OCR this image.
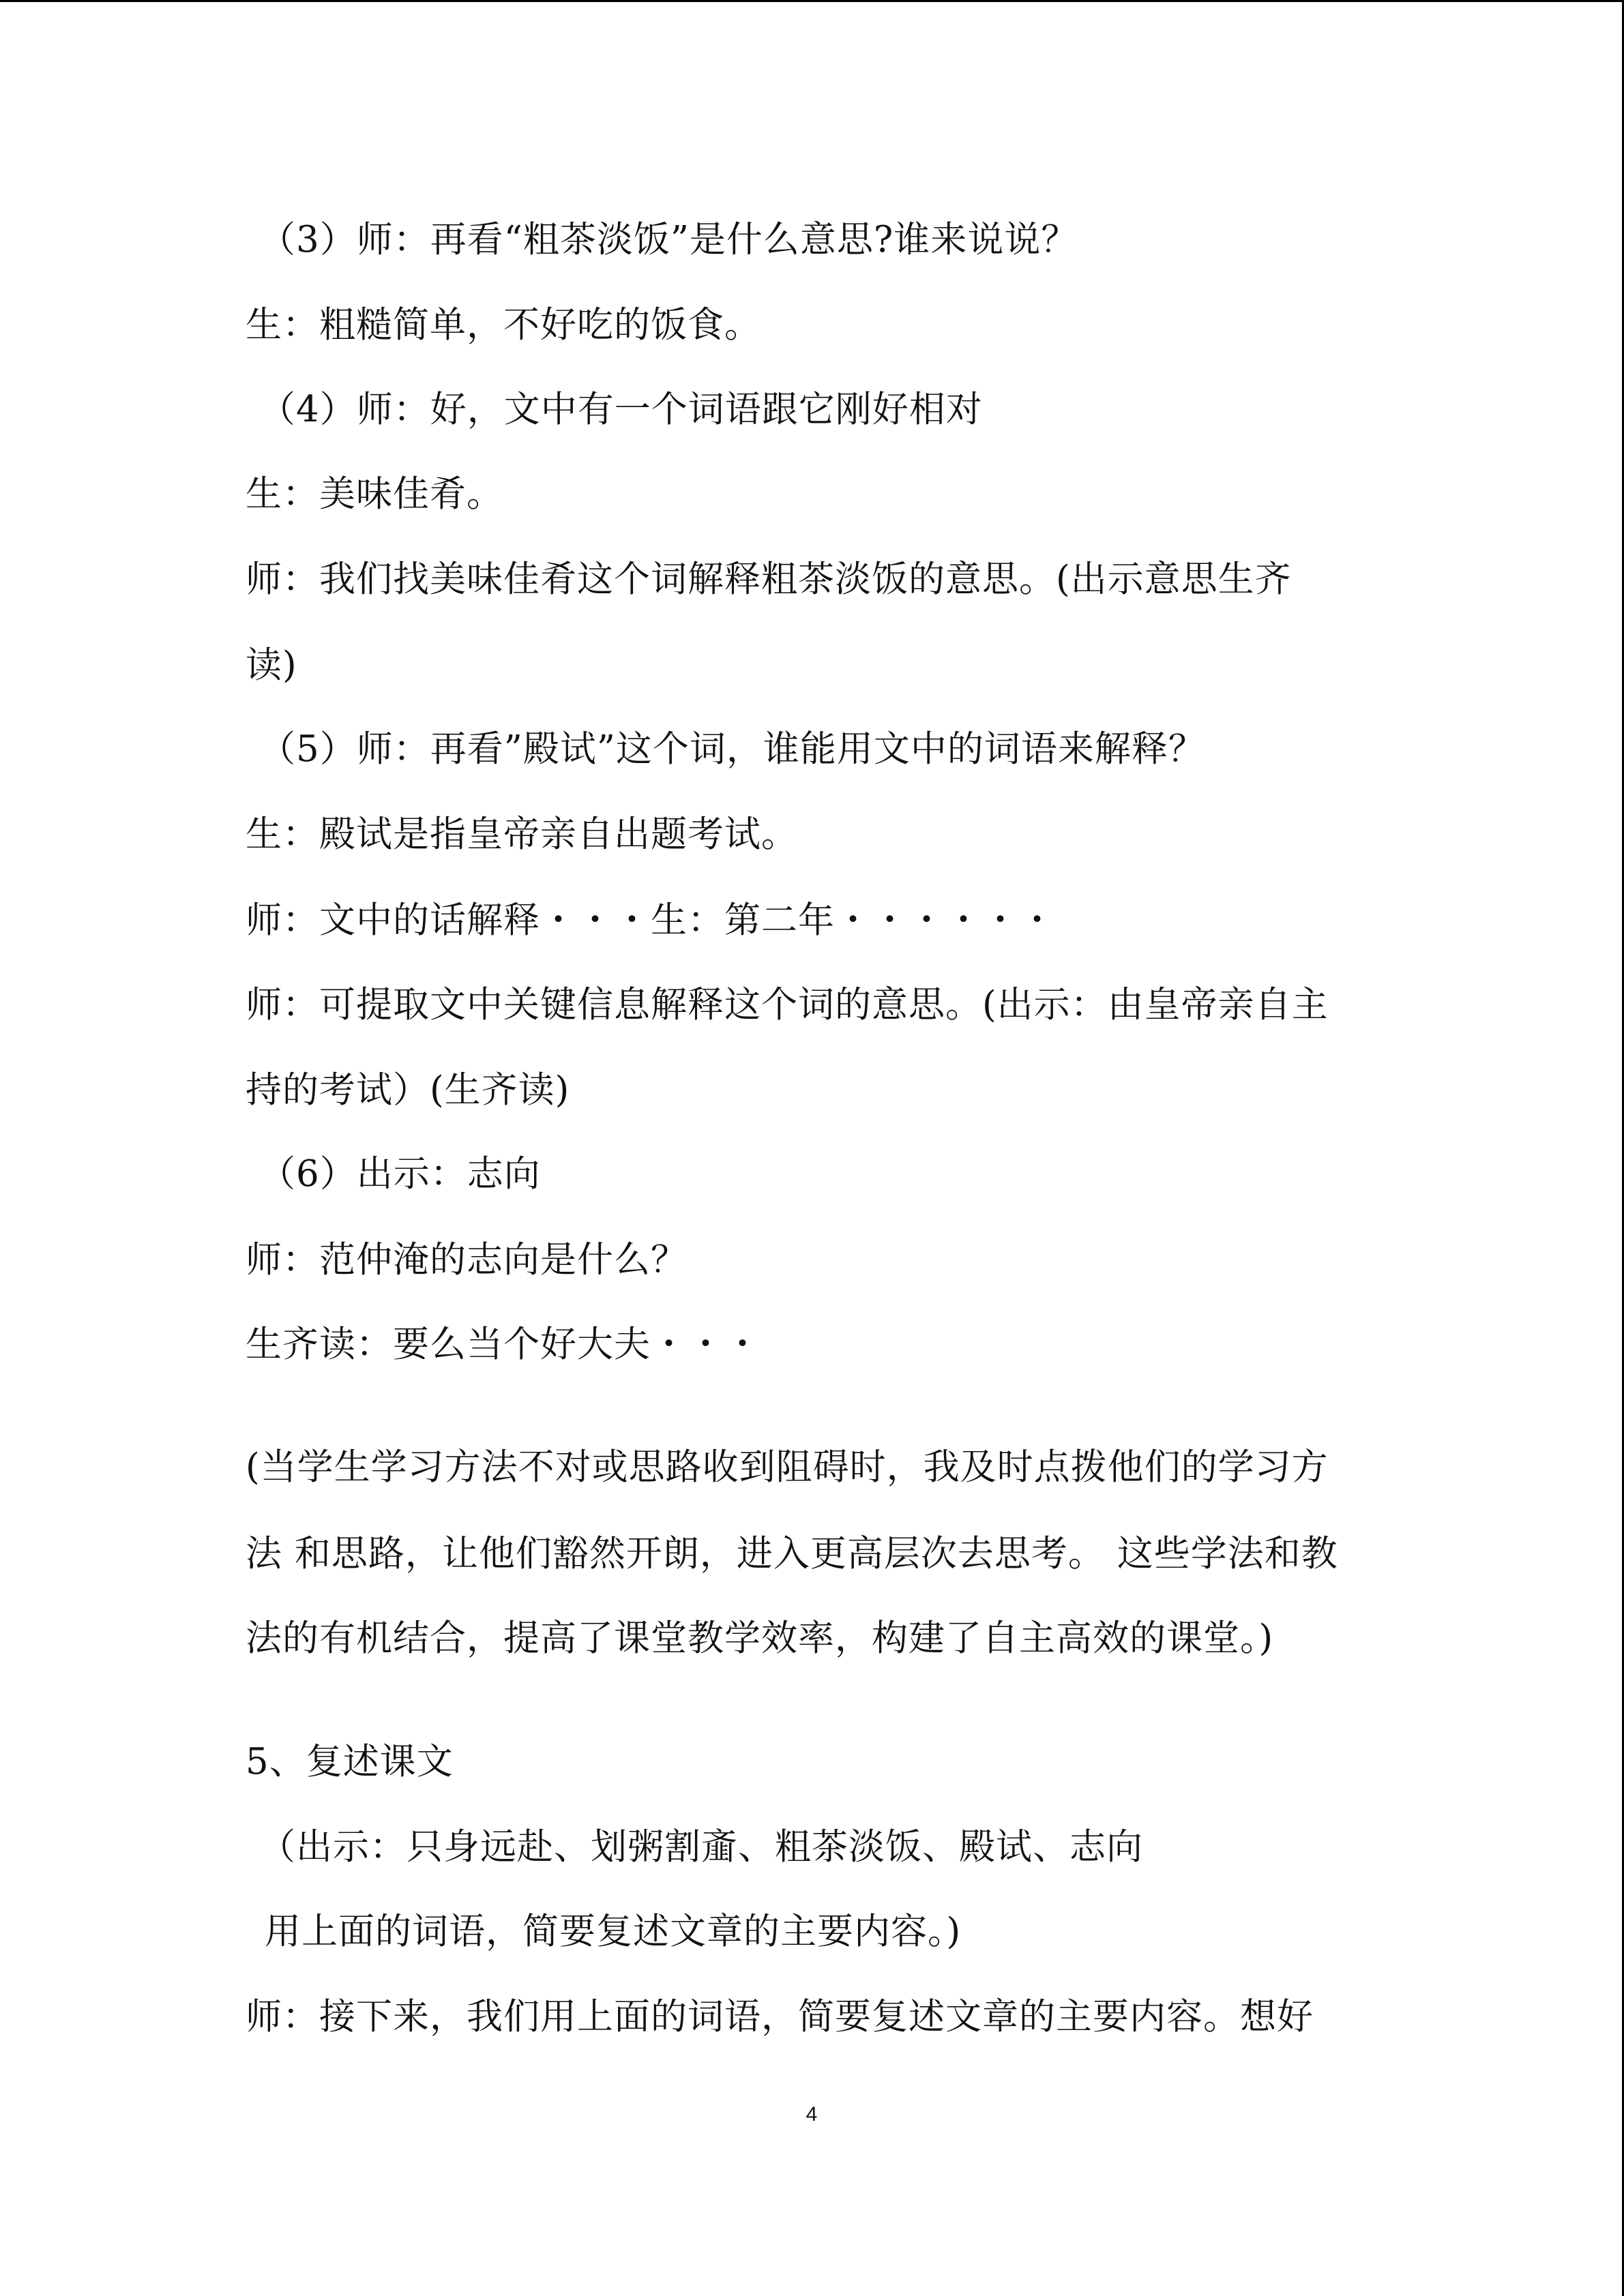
（3）师：再看“粗茶淡饭”是什么意思?谁来说说？
生：粗糙简单，不好吃的饭食。
（4）师：好，文中有一个词语跟它刚好相对
生：美味佳肴。
师：我们找美味佳肴这个词解释粗茶淡饭的意思。(出示意思生齐
读)
（5）师：再看”殿试”这个词，谁能用文中的词语来解释？
生：殿试是指皇帝亲自出题考试。
师：文中的话解释・・・生：第二年・・・・・・
师：可提取文中关键信息解释这个词的意思。(出示：由皇帝亲自主
持的考试）(生齐读)
（6）出示：志向
师：范仲淹的志向是什么？
生齐读：要么当个好大夫・・・
(当学生学习方法不对或思路收到阻碍时，我及时点拨他们的学习方
法 和思路，让他们豁然开朗，进入更高层次去思考。 这些学法和教
法的有机结合，提高了课堂教学效率，构建了自主高效的课堂。)
5、复述课文
（出示：只身远赴、划粥割齑、粗茶淡饭、殿试、志向
用上面的词语，简要复述文章的主要内容。)
师：接下来，我们用上面的词语，简要复述文章的主要内容。想好
4
